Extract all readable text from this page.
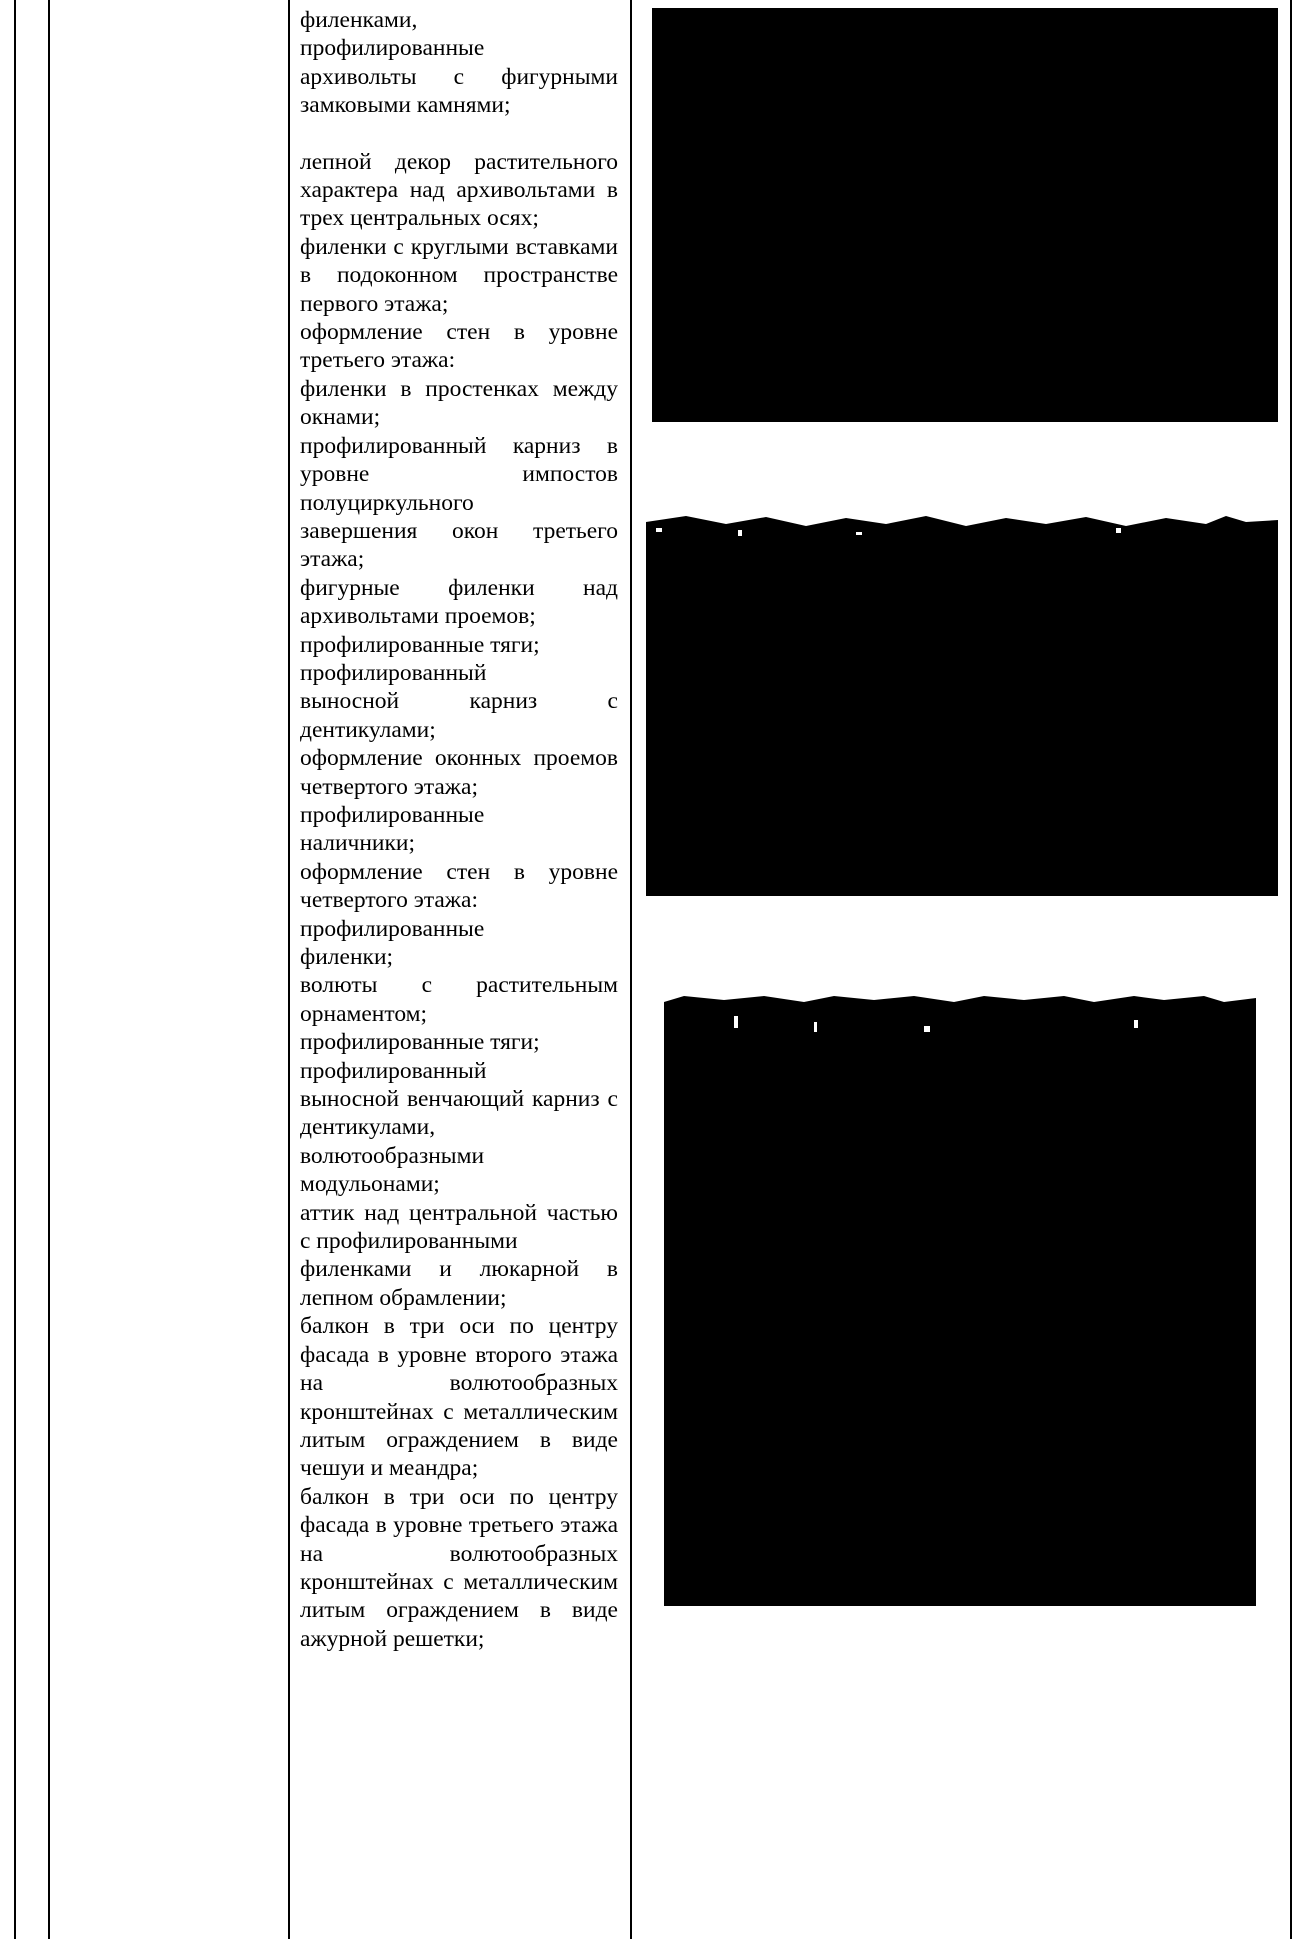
филенками,

профилированные

архивольты с фигурными замковыми камнями;

лепной декор растительного характера над архивольтами в трех центральных осях;

филенки с круглыми вставками в подоконном пространстве первого этажа;

оформление стен в уровне третьего этажа:

филенки в простенках между окнами;

профилированный карниз в уровне импостов полуциркульного

завершения окон третьего этажа;

фигурные филенки над архивольтами проемов;

профилированные тяги;

профилированный

выносной карниз с дентикулами;

оформление оконных проемов четвертого этажа;

профилированные

наличники;

оформление стен в уровне четвертого этажа:

профилированные

филенки;

волюты с растительным орнаментом;

профилированные тяги;

профилированный

выносной венчающий карниз с дентикулами, волютообразными

модульонами;

аттик над центральной частью с профилированными

филенками и люкарной в лепном обрамлении;

балкон в три оси по центру фасада в уровне второго этажа на волютообразных кронштейнах с металлическим литым ограждением в виде чешуи и меандра;

балкон в три оси по центру фасада в уровне третьего этажа на волютообразных кронштейнах с металлическим литым ограждением в виде ажурной решетки;
